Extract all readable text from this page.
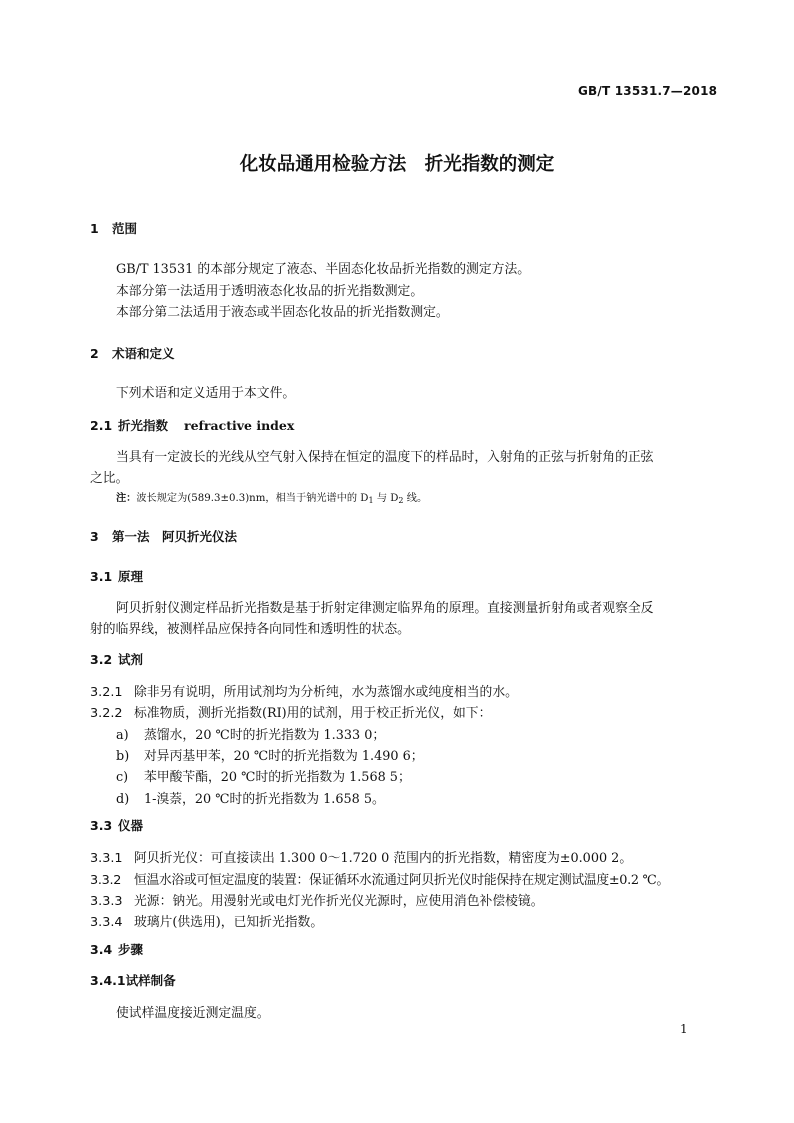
GB/T 13531.7—2018
化妆品通用检验方法　折光指数的测定
1 范围
GB/T 13531 的本部分规定了液态、半固态化妆品折光指数的测定方法。
本部分第一法适用于透明液态化妆品的折光指数测定。
本部分第二法适用于液态或半固态化妆品的折光指数测定。
2 术语和定义
下列术语和定义适用于本文件。
2.1 折光指数 refractive index
当具有一定波长的光线从空气射入保持在恒定的温度下的样品时，入射角的正弦与折射角的正弦
之比。
注：波长规定为(589.3±0.3)nm，相当于钠光谱中的 $D_1$ 与 $D_2$ 线。
3 第一法　阿贝折光仪法
3.1 原理
阿贝折射仪测定样品折光指数是基于折射定律测定临界角的原理。直接测量折射角或者观察全反
射的临界线，被测样品应保持各向同性和透明性的状态。
3.2 试剂
3.2.1 除非另有说明，所用试剂均为分析纯，水为蒸馏水或纯度相当的水。
3.2.2 标准物质，测折光指数(RI)用的试剂，用于校正折光仪，如下：
a) 蒸馏水，20 ℃时的折光指数为 1.333 0；
b) 对异丙基甲苯，20 ℃时的折光指数为 1.490 6；
c) 苯甲酸苄酯，20 ℃时的折光指数为 1.568 5；
d) 1-溴萘，20 ℃时的折光指数为 1.658 5。
3.3 仪器
3.3.1 阿贝折光仪：可直接读出 1.300 0～1.720 0 范围内的折光指数，精密度为±0.000 2。
3.3.2 恒温水浴或可恒定温度的装置：保证循环水流通过阿贝折光仪时能保持在规定测试温度±0.2 ℃。
3.3.3 光源：钠光。用漫射光或电灯光作折光仪光源时，应使用消色补偿棱镜。
3.3.4 玻璃片(供选用)，已知折光指数。
3.4 步骤
3.4.1试样制备
使试样温度接近测定温度。
1
